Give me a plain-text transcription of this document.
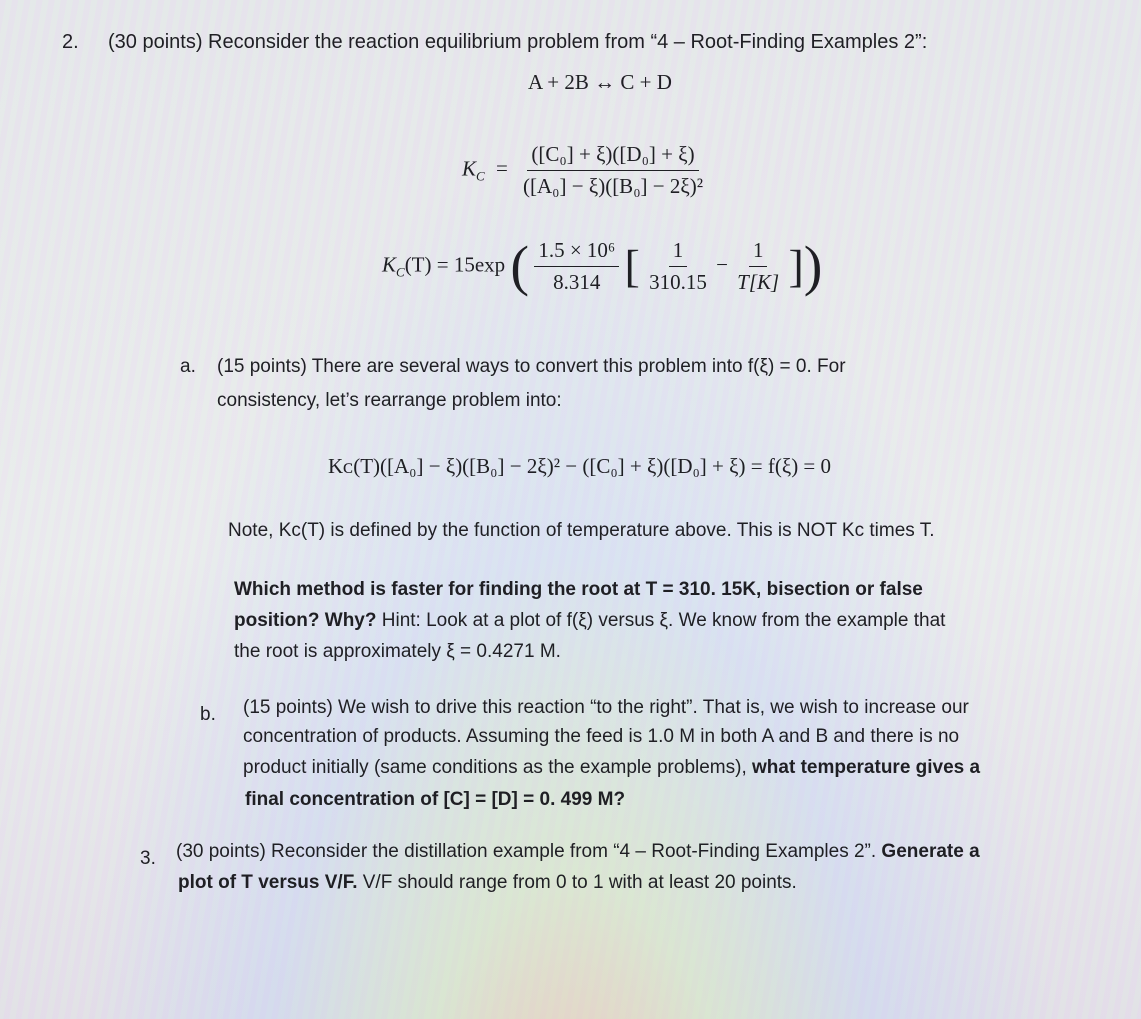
2. (30 points) Reconsider the reaction equilibrium problem from “4 – Root-Finding Examples 2”:
A + 2B ↔ C + D
$K_C = \frac{\text{([C₀] + ξ)([D₀] + ξ)}}{\text{([A₀] − ξ)([B₀] − 2ξ)²}}$
$K_C(T) = 15\exp$ ( $\frac{\text{1.5 × 10⁶}}{8.314}$ [ $\frac{1}{310.15} - \frac{1}{T[K]}$ ])
a. (15 points) There are several ways to convert this problem into f(ξ) = 0. For
consistency, let’s rearrange problem into:
Kᴄ(T)([A₀] − ξ)([B₀] − 2ξ)² − ([C₀] + ξ)([D₀] + ξ) = f(ξ) = 0
Note, Kᴄ(T) is defined by the function of temperature above. This is NOT Kᴄ times T.
Which method is faster for finding the root at T = 310. 15K, bisection or false
position? Why? Hint: Look at a plot of f(ξ) versus ξ. We know from the example that
the root is approximately ξ = 0.4271 M.
b. (15 points) We wish to drive this reaction “to the right”. That is, we wish to increase our
concentration of products. Assuming the feed is 1.0 M in both A and B and there is no
product initially (same conditions as the example problems), what temperature gives a
final concentration of [C] = [D] = 0. 499 M?
3. (30 points) Reconsider the distillation example from “4 – Root-Finding Examples 2”. Generate a
plot of T versus V/F. V/F should range from 0 to 1 with at least 20 points.
